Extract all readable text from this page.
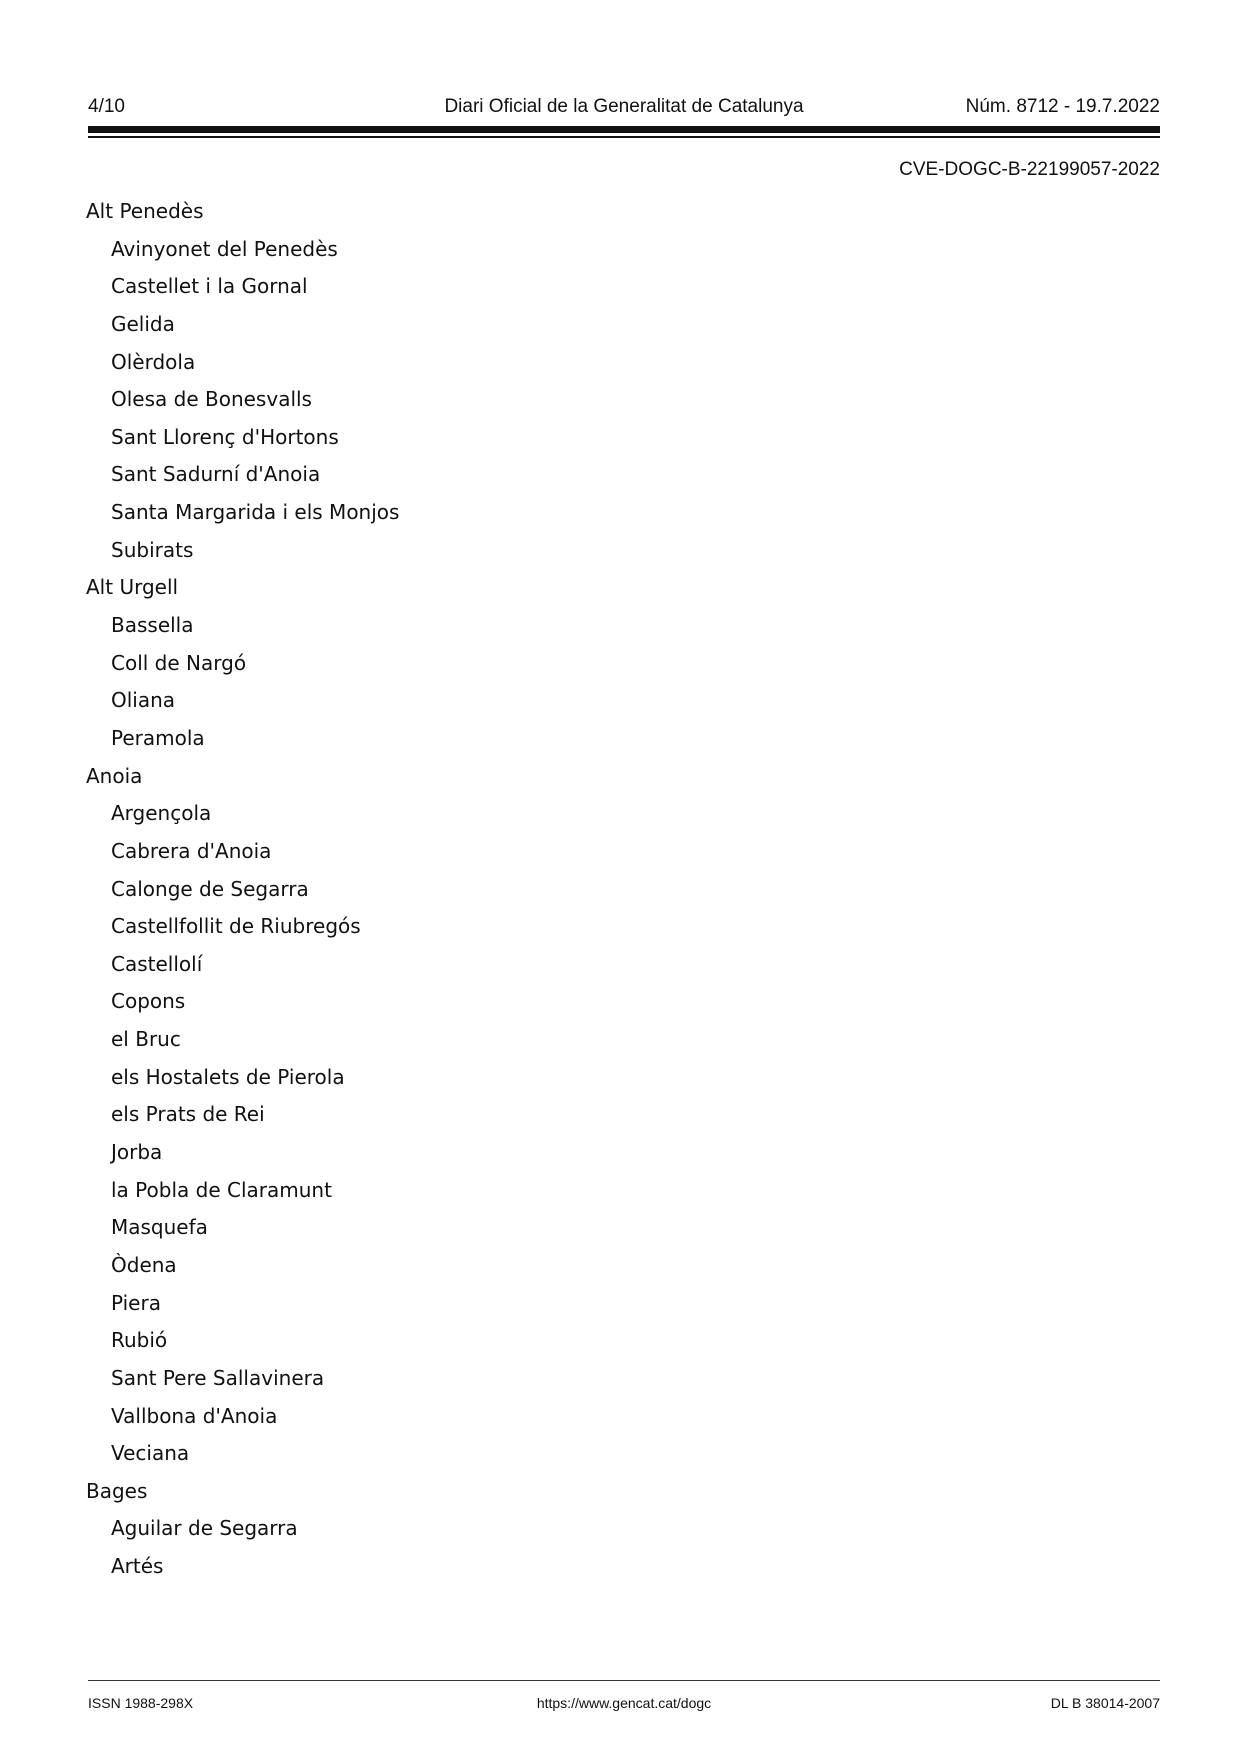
4/10	Diari Oficial de la Generalitat de Catalunya	Núm. 8712 - 19.7.2022
CVE-DOGC-B-22199057-2022
Alt Penedès
Avinyonet del Penedès
Castellet i la Gornal
Gelida
Olèrdola
Olesa de Bonesvalls
Sant Llorenç d'Hortons
Sant Sadurní d'Anoia
Santa Margarida i els Monjos
Subirats
Alt Urgell
Bassella
Coll de Nargó
Oliana
Peramola
Anoia
Argençola
Cabrera d'Anoia
Calonge de Segarra
Castellfollit de Riubregós
Castellolí
Copons
el Bruc
els Hostalets de Pierola
els Prats de Rei
Jorba
la Pobla de Claramunt
Masquefa
Òdena
Piera
Rubió
Sant Pere Sallavinera
Vallbona d'Anoia
Veciana
Bages
Aguilar de Segarra
Artés
ISSN 1988-298X	https://www.gencat.cat/dogc	DL B 38014-2007
